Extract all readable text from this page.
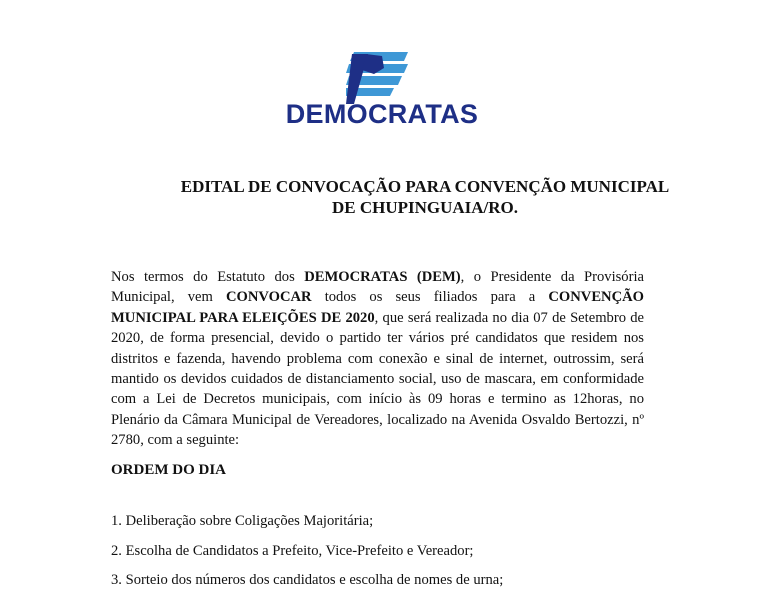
DEMOCRATAS
EDITAL DE CONVOCAÇÃO PARA CONVENÇÃO MUNICIPAL
DE CHUPINGUAIA/RO.

Nos termos do Estatuto dos DEMOCRATAS (DEM), o Presidente da Provisória Municipal, vem CONVOCAR todos os seus filiados para a CONVENÇÃO MUNICIPAL PARA ELEIÇÕES DE 2020, que será realizada no dia 07 de Setembro de 2020, de forma presencial, devido o partido ter vários pré candidatos que residem nos distritos e fazenda, havendo problema com conexão e sinal de internet, outrossim, será mantido os devidos cuidados de distanciamento social, uso de mascara, em conformidade com a Lei de Decretos municipais, com início às 09 horas e termino as 12horas, no Plenário da Câmara Municipal de Vereadores, localizado na Avenida Osvaldo Bertozzi, nº 2780, com a seguinte:

ORDEM DO DIA
1. Deliberação sobre Coligações Majoritária;
2. Escolha de Candidatos a Prefeito, Vice-Prefeito e Vereador;
3. Sorteio dos números dos candidatos e escolha de nomes de urna;
